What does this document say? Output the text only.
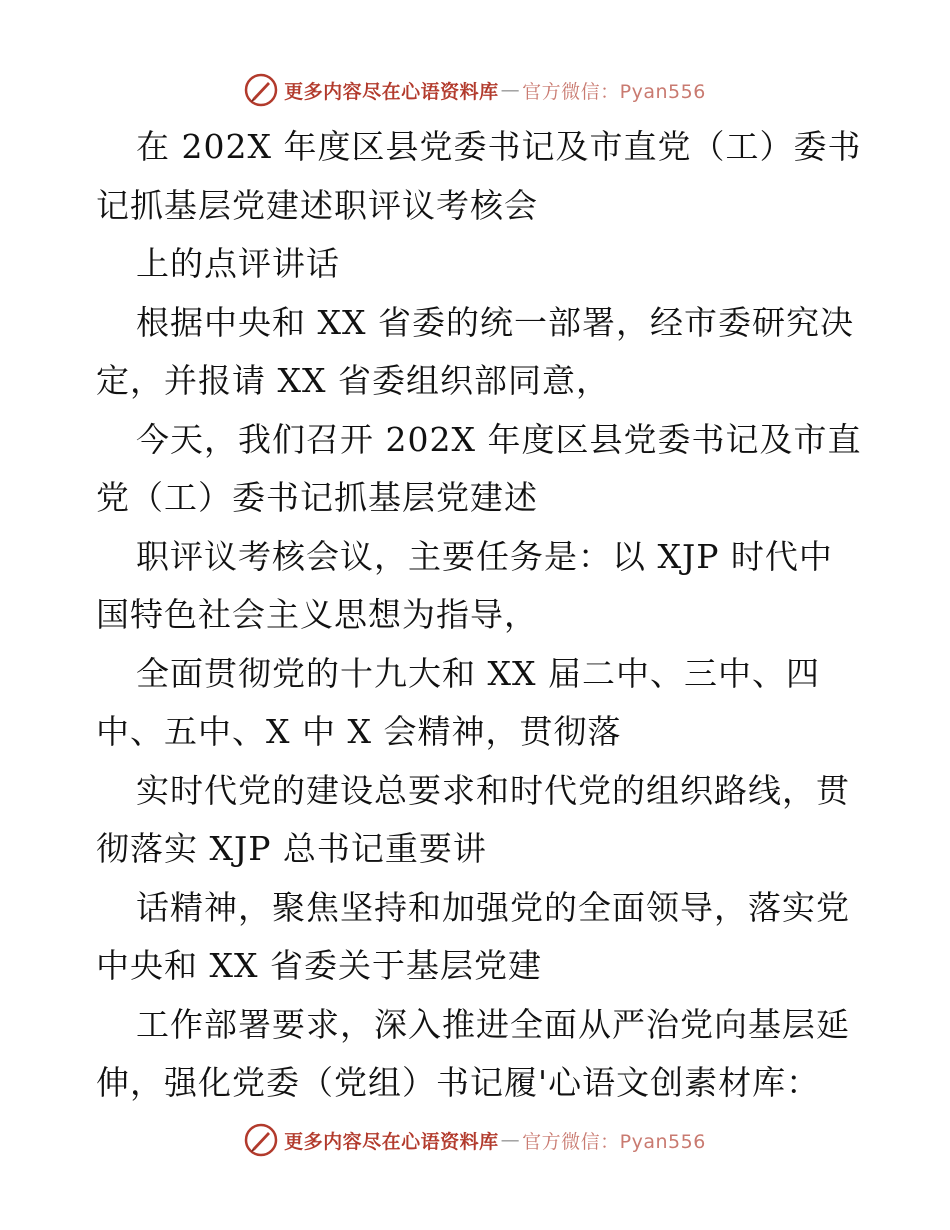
更多内容尽在心语资料库 — 官方微信：Pyan556
在 202X 年度区县党委书记及市直党（工）委书
记抓基层党建述职评议考核会
上的点评讲话
根据中央和 XX 省委的统一部署，经市委研究决
定，并报请 XX 省委组织部同意，
今天，我们召开 202X 年度区县党委书记及市直
党（工）委书记抓基层党建述
职评议考核会议，主要任务是：以 XJP 时代中
国特色社会主义思想为指导，
全面贯彻党的十九大和 XX 届二中、三中、四
中、五中、X 中 X 会精神，贯彻落
实时代党的建设总要求和时代党的组织路线，贯
彻落实 XJP 总书记重要讲
话精神，聚焦坚持和加强党的全面领导，落实党
中央和 XX 省委关于基层党建
工作部署要求，深入推进全面从严治党向基层延
伸，强化党委（党组）书记履'心语文创素材库：
更多内容尽在心语资料库 — 官方微信：Pyan556
